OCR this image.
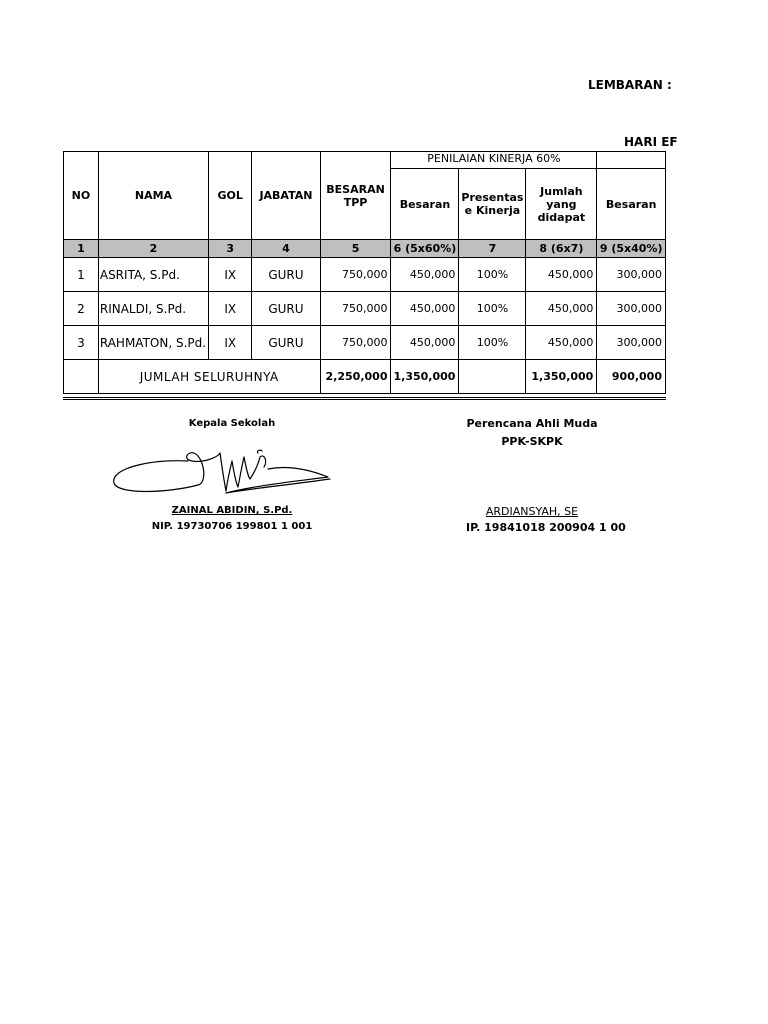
LEMBARAN :
HARI EF
NO	NAMA	GOL	JABATAN	BESARAN TPP	PENILAIAN KINERJA 60%			
					Besaran	Presentas e Kinerja	Jumlah yang didapat	Besaran
1	2	3	4	5	6 (5x60%)	7	8 (6x7)	9 (5x40%)
1	ASRITA, S.Pd.	IX	GURU	750,000	450,000	100%	450,000	300,000
2	RINALDI, S.Pd.	IX	GURU	750,000	450,000	100%	450,000	300,000
3	RAHMATON, S.Pd.	IX	GURU	750,000	450,000	100%	450,000	300,000
	JUMLAH SELURUHNYA			2,250,000	1,350,000		1,350,000	900,000
Kepala Sekolah
ZAINAL ABIDIN, S.Pd.
NIP. 19730706 199801 1 001
Perencana Ahli Muda
PPK-SKPK
ARDIANSYAH, SE
IP. 19841018 200904 1 00
